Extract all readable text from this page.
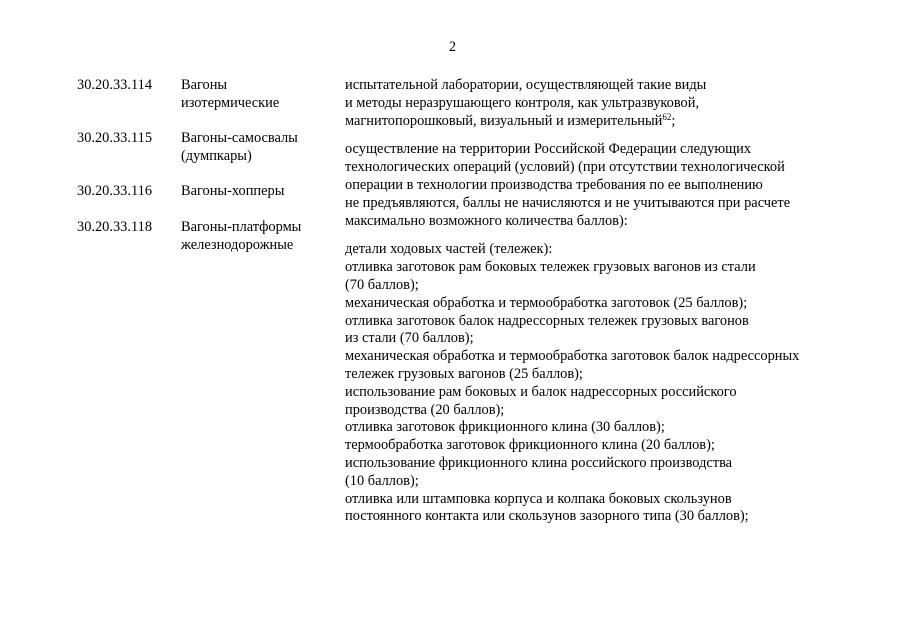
2
30.20.33.114
30.20.33.115
30.20.33.116
30.20.33.118
Вагоны
изотермические
Вагоны-самосвалы
(думпкары)
Вагоны-хопперы
Вагоны-платформы
железнодорожные
испытательной лаборатории, осуществляющей такие виды
и методы неразрушающего контроля, как ультразвуковой,
магнитопорошковый, визуальный и измерительный$^{62}$;
осуществление на территории Российской Федерации следующих
технологических операций (условий) (при отсутствии технологической
операции в технологии производства требования по ее выполнению
не предъявляются, баллы не начисляются и не учитываются при расчете
максимально возможного количества баллов):
детали ходовых частей (тележек):
отливка заготовок рам боковых тележек грузовых вагонов из стали
(70 баллов);
механическая обработка и термообработка заготовок (25 баллов);
отливка заготовок балок надрессорных тележек грузовых вагонов
из стали (70 баллов);
механическая обработка и термообработка заготовок балок надрессорных
тележек грузовых вагонов (25 баллов);
использование рам боковых и балок надрессорных российского
производства (20 баллов);
отливка заготовок фрикционного клина (30 баллов);
термообработка заготовок фрикционного клина (20 баллов);
использование фрикционного клина российского производства
(10 баллов);
отливка или штамповка корпуса и колпака боковых скользунов
постоянного контакта или скользунов зазорного типа (30 баллов);
